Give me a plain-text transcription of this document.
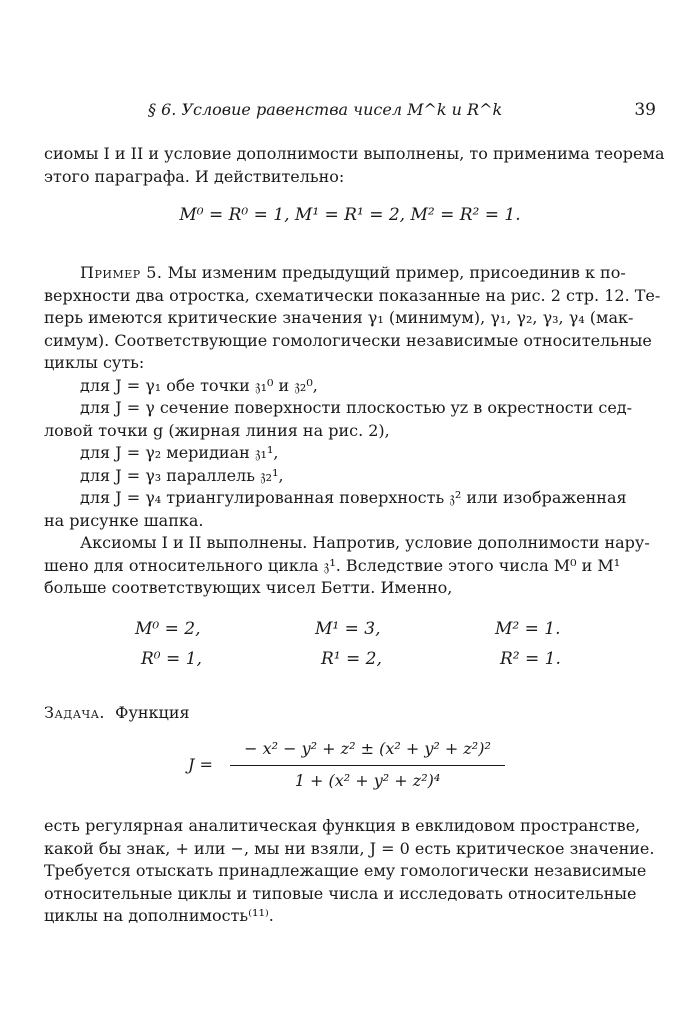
§ 6. Условие равенства чисел M^k и R^k	39
сиомы I и II и условие дополнимости выполнены, то применима теорема
этого параграфа. И действительно:
M⁰ = R⁰ = 1, M¹ = R¹ = 2, M² = R² = 1.
Пример 5. Мы изменим предыдущий пример, присоединив к по-
верхности два отростка, схематически показанные на рис. 2 стр. 12. Те-
перь имеются критические значения γ₁ (минимум), γ₁, γ₂, γ₃, γ₄ (мак-
симум). Соответствующие гомологически независимые относительные
циклы суть:
для J = γ₁ обе точки 𝔷₁⁰ и 𝔷₂⁰,
для J = γ сечение поверхности плоскостью yz в окрестности сед-
ловой точки g (жирная линия на рис. 2),
для J = γ₂ меридиан 𝔷₁¹,
для J = γ₃ параллель 𝔷₂¹,
для J = γ₄ триангулированная поверхность 𝔷² или изображенная
на рисунке шапка.
Аксиомы I и II выполнены. Напротив, условие дополнимости нару-
шено для относительного цикла 𝔷¹. Вследствие этого числа M⁰ и M¹
больше соответствующих чисел Бетти. Именно,
M⁰ = 2,	M¹ = 3,	M² = 1.
R⁰ = 1,	R¹ = 2,	R² = 1.
Задача. Функция
J =
− x² − y² + z² ± (x² + y² + z²)²
1 + (x² + y² + z²)⁴
есть регулярная аналитическая функция в евклидовом пространстве,
какой бы знак, + или −, мы ни взяли, J = 0 есть критическое значение.
Требуется отыскать принадлежащие ему гомологически независимые
относительные циклы и типовые числа и исследовать относительные
циклы на дополнимость⁽¹¹⁾.
